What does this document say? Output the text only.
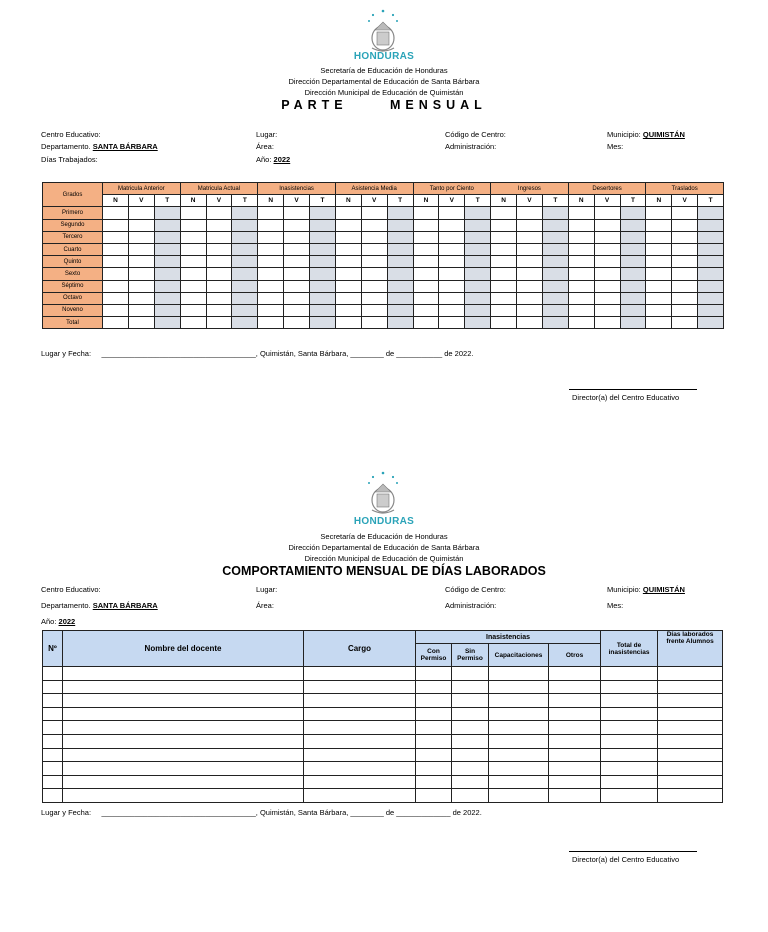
HONDURAS
Secretaría de Educación de Honduras
Dirección Departamental de Educación de Santa Bárbara
Dirección Municipal de Educación de Quimistán
PARTE     MENSUAL
Centro Educativo:	Lugar:	Código de Centro:	Municipio: QUIMISTÁN
Departamento. SANTA BÁRBARA	Área:	Administración:	Mes:
Días Trabajados:	Año: 2022
Grados	Matricula Anterior			Matricula Actual			Inasistencias			Asistencia Media			Tanto por Ciento			Ingresos			Desertores			Traslados		
	N	V	T	N	V	T	N	V	T	N	V	T	N	V	T	N	V	T	N	V	T	N	V	T
Primero																								
Segundo																								
Tercero																								
Cuarto																								
Quinto																								
Sexto																								
Séptimo																								
Octavo																								
Noveno																								
Total																								
Lugar y Fecha: _____________________________________, Quimistán, Santa Bárbara, ________ de ___________ de 2022.
Director(a) del Centro Educativo
HONDURAS
Secretaría de Educación de Honduras
Dirección Departamental de Educación de Santa Bárbara
Dirección Municipal de Educación de Quimistán
COMPORTAMIENTO MENSUAL DE DÍAS LABORADOS
Centro Educativo:	Lugar:	Código de Centro:	Municipio: QUIMISTÁN
Departamento. SANTA BÁRBARA	Área:	Administración:	Mes:
Año: 2022
Nº	Nombre del docente	Cargo	Inasistencias				Total de inasistencias	Días laborados frente Alumnos
			Con Permiso	Sin Permiso	Capacitaciones	Otros		

Lugar y Fecha: _____________________________________, Quimistán, Santa Bárbara, ________ de _____________ de 2022.
Director(a) del Centro Educativo
